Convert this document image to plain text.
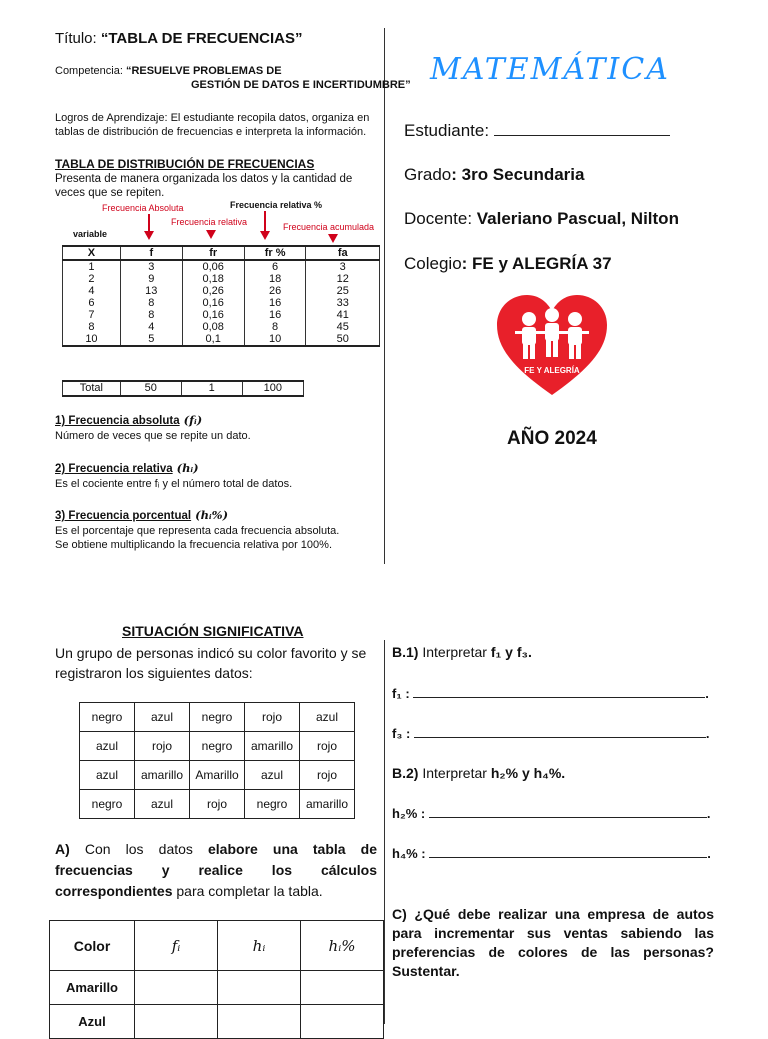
Título: “TABLA DE FRECUENCIAS”
Competencia: “RESUELVE PROBLEMAS DE
GESTIÓN DE DATOS E INCERTIDUMBRE”
Logros de Aprendizaje: El estudiante recopila datos, organiza en tablas de distribución de frecuencias e interpreta la información.
TABLA DE DISTRIBUCIÓN DE FRECUENCIAS
Presenta de manera organizada los datos y la cantidad de veces que se repiten.
Frecuencia Absoluta
Frecuencia relativa
Frecuencia relativa %
Frecuencia acumulada
variable
X	f	fr	fr %	fa
1	3	0,06	6	3
2	9	0,18	18	12
4	13	0,26	26	25
6	8	0,16	16	33
7	8	0,16	16	41
8	4	0,08	8	45
10	5	0,1	10	50
Total	50	1	100
1) Frecuencia absoluta (fᵢ)
Número de veces que se repite un dato.
2) Frecuencia relativa (hᵢ)
Es el cociente entre fᵢ y el número total de datos.
3) Frecuencia porcentual (hᵢ%)
Es el porcentaje que representa cada frecuencia absoluta.
Se obtiene multiplicando la frecuencia relativa por 100%.
MATEMÁTICA
Estudiante:
Grado: 3ro Secundaria
Docente: Valeriano Pascual, Nilton
Colegio: FE y ALEGRÍA 37
FE Y ALEGRÍA
AÑO 2024
SITUACIÓN SIGNIFICATIVA
Un grupo de personas indicó su color favorito y se registraron los siguientes datos:
negro	azul	negro	rojo	azul
azul	rojo	negro	amarillo	rojo
azul	amarillo	Amarillo	azul	rojo
negro	azul	rojo	negro	amarillo
A) Con los datos elabore una tabla de frecuencias y realice los cálculos correspondientes para completar la tabla.
Color	fᵢ	hᵢ	hᵢ%
Amarillo			
Azul			
B.1) Interpretar f₁ y f₃.
f₁ :	.
f₃ :	.
B.2) Interpretar h₂% y h₄%.
h₂% :	.
h₄% :	.
C) ¿Qué debe realizar una empresa de autos para incrementar sus ventas sabiendo las preferencias de colores de las personas? Sustentar.
